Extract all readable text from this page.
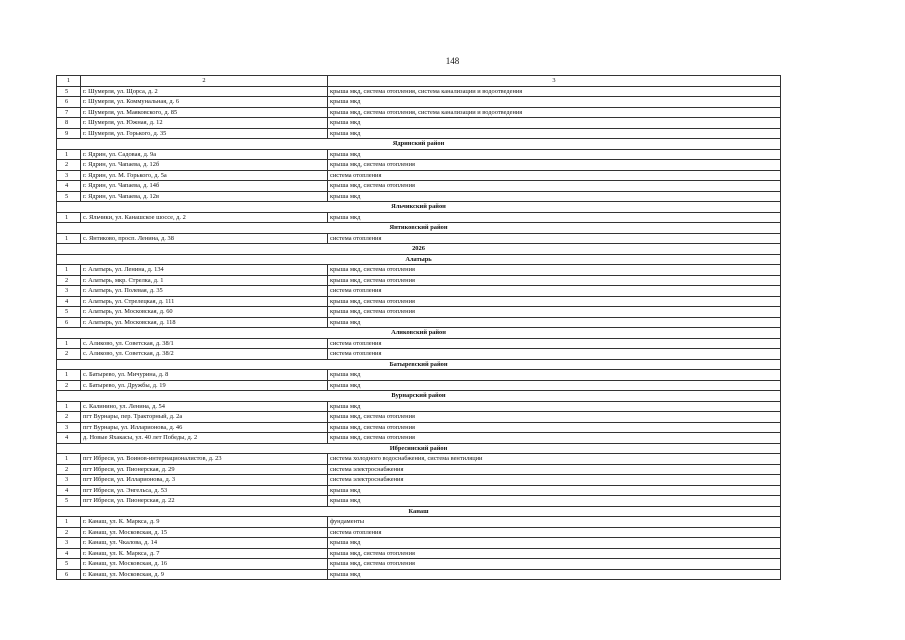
148
1	2	3
5	г. Шумерля, ул. Щорса, д. 2	крыша мкд, система отопления, система канализации и водоотведения
6	г. Шумерля, ул. Коммунальная, д. 6	крыша мкд
7	г. Шумерля, ул. Маяковского, д. 85	крыша мкд, система отопления, система канализации и водоотведения
8	г. Шумерля, ул. Южная, д. 12	крыша мкд
9	г. Шумерля, ул. Горького, д. 35	крыша мкд
Ядринский район		
1	г. Ядрин, ул. Садовая, д. 9а	крыша мкд
2	г. Ядрин, ул. Чапаева, д. 12б	крыша мкд, система отопления
3	г. Ядрин, ул. М. Горького, д. 5а	система отопления
4	г. Ядрин, ул. Чапаева, д. 14б	крыша мкд, система отопления
5	г. Ядрин, ул. Чапаева, д. 12в	крыша мкд
Яльчикский район		
1	с. Яльчики, ул. Канашское шоссе, д. 2	крыша мкд
Янтиковский район		
1	с. Янтиково, просп. Ленина, д. 38	система отопления
2026		
Алатырь		
1	г. Алатырь, ул. Ленина, д. 134	крыша мкд, система отопления
2	г. Алатырь, мкр. Стрелка, д. 1	крыша мкд, система отопления
3	г. Алатырь, ул. Полевая, д. 35	система отопления
4	г. Алатырь, ул. Стрелецкая, д. 111	крыша мкд, система отопления
5	г. Алатырь, ул. Московская, д. 60	крыша мкд, система отопления
6	г. Алатырь, ул. Московская, д. 118	крыша мкд
Аликовский район		
1	с. Аликово, ул. Советская, д. 38/1	система отопления
2	с. Аликово, ул. Советская, д. 38/2	система отопления
Батыревский район		
1	с. Батырево, ул. Мичурина, д. 8	крыша мкд
2	с. Батырево, ул. Дружбы, д. 19	крыша мкд
Вурнарский район		
1	с. Калинино, ул. Ленина, д. 54	крыша мкд
2	пгт Вурнары, пер. Тракторный, д. 2а	крыша мкд, система отопления
3	пгт Вурнары, ул. Илларионова, д. 46	крыша мкд, система отопления
4	д. Новые Яхакасы, ул. 40 лет Победы, д. 2	крыша мкд, система отопления
Ибресинский район		
1	пгт Ибреси, ул. Воинов-интернационалистов, д. 23	система холодного водоснабжения, система вентиляции
2	пгт Ибреси, ул. Пионерская, д. 29	система электроснабжения
3	пгт Ибреси, ул. Илларионова, д. 3	система электроснабжения
4	пгт Ибреси, ул. Энгельса, д. 53	крыша мкд
5	пгт Ибреси, ул. Пионерская, д. 22	крыша мкд
Канаш		
1	г. Канаш, ул. К. Маркса, д. 9	фундаменты
2	г. Канаш, ул. Московская, д. 15	система отопления
3	г. Канаш, ул. Чкалова, д. 14	крыша мкд
4	г. Канаш, ул. К. Маркса, д. 7	крыша мкд, система отопления
5	г. Канаш, ул. Московская, д. 16	крыша мкд, система отопления
6	г. Канаш, ул. Московская, д. 9	крыша мкд
